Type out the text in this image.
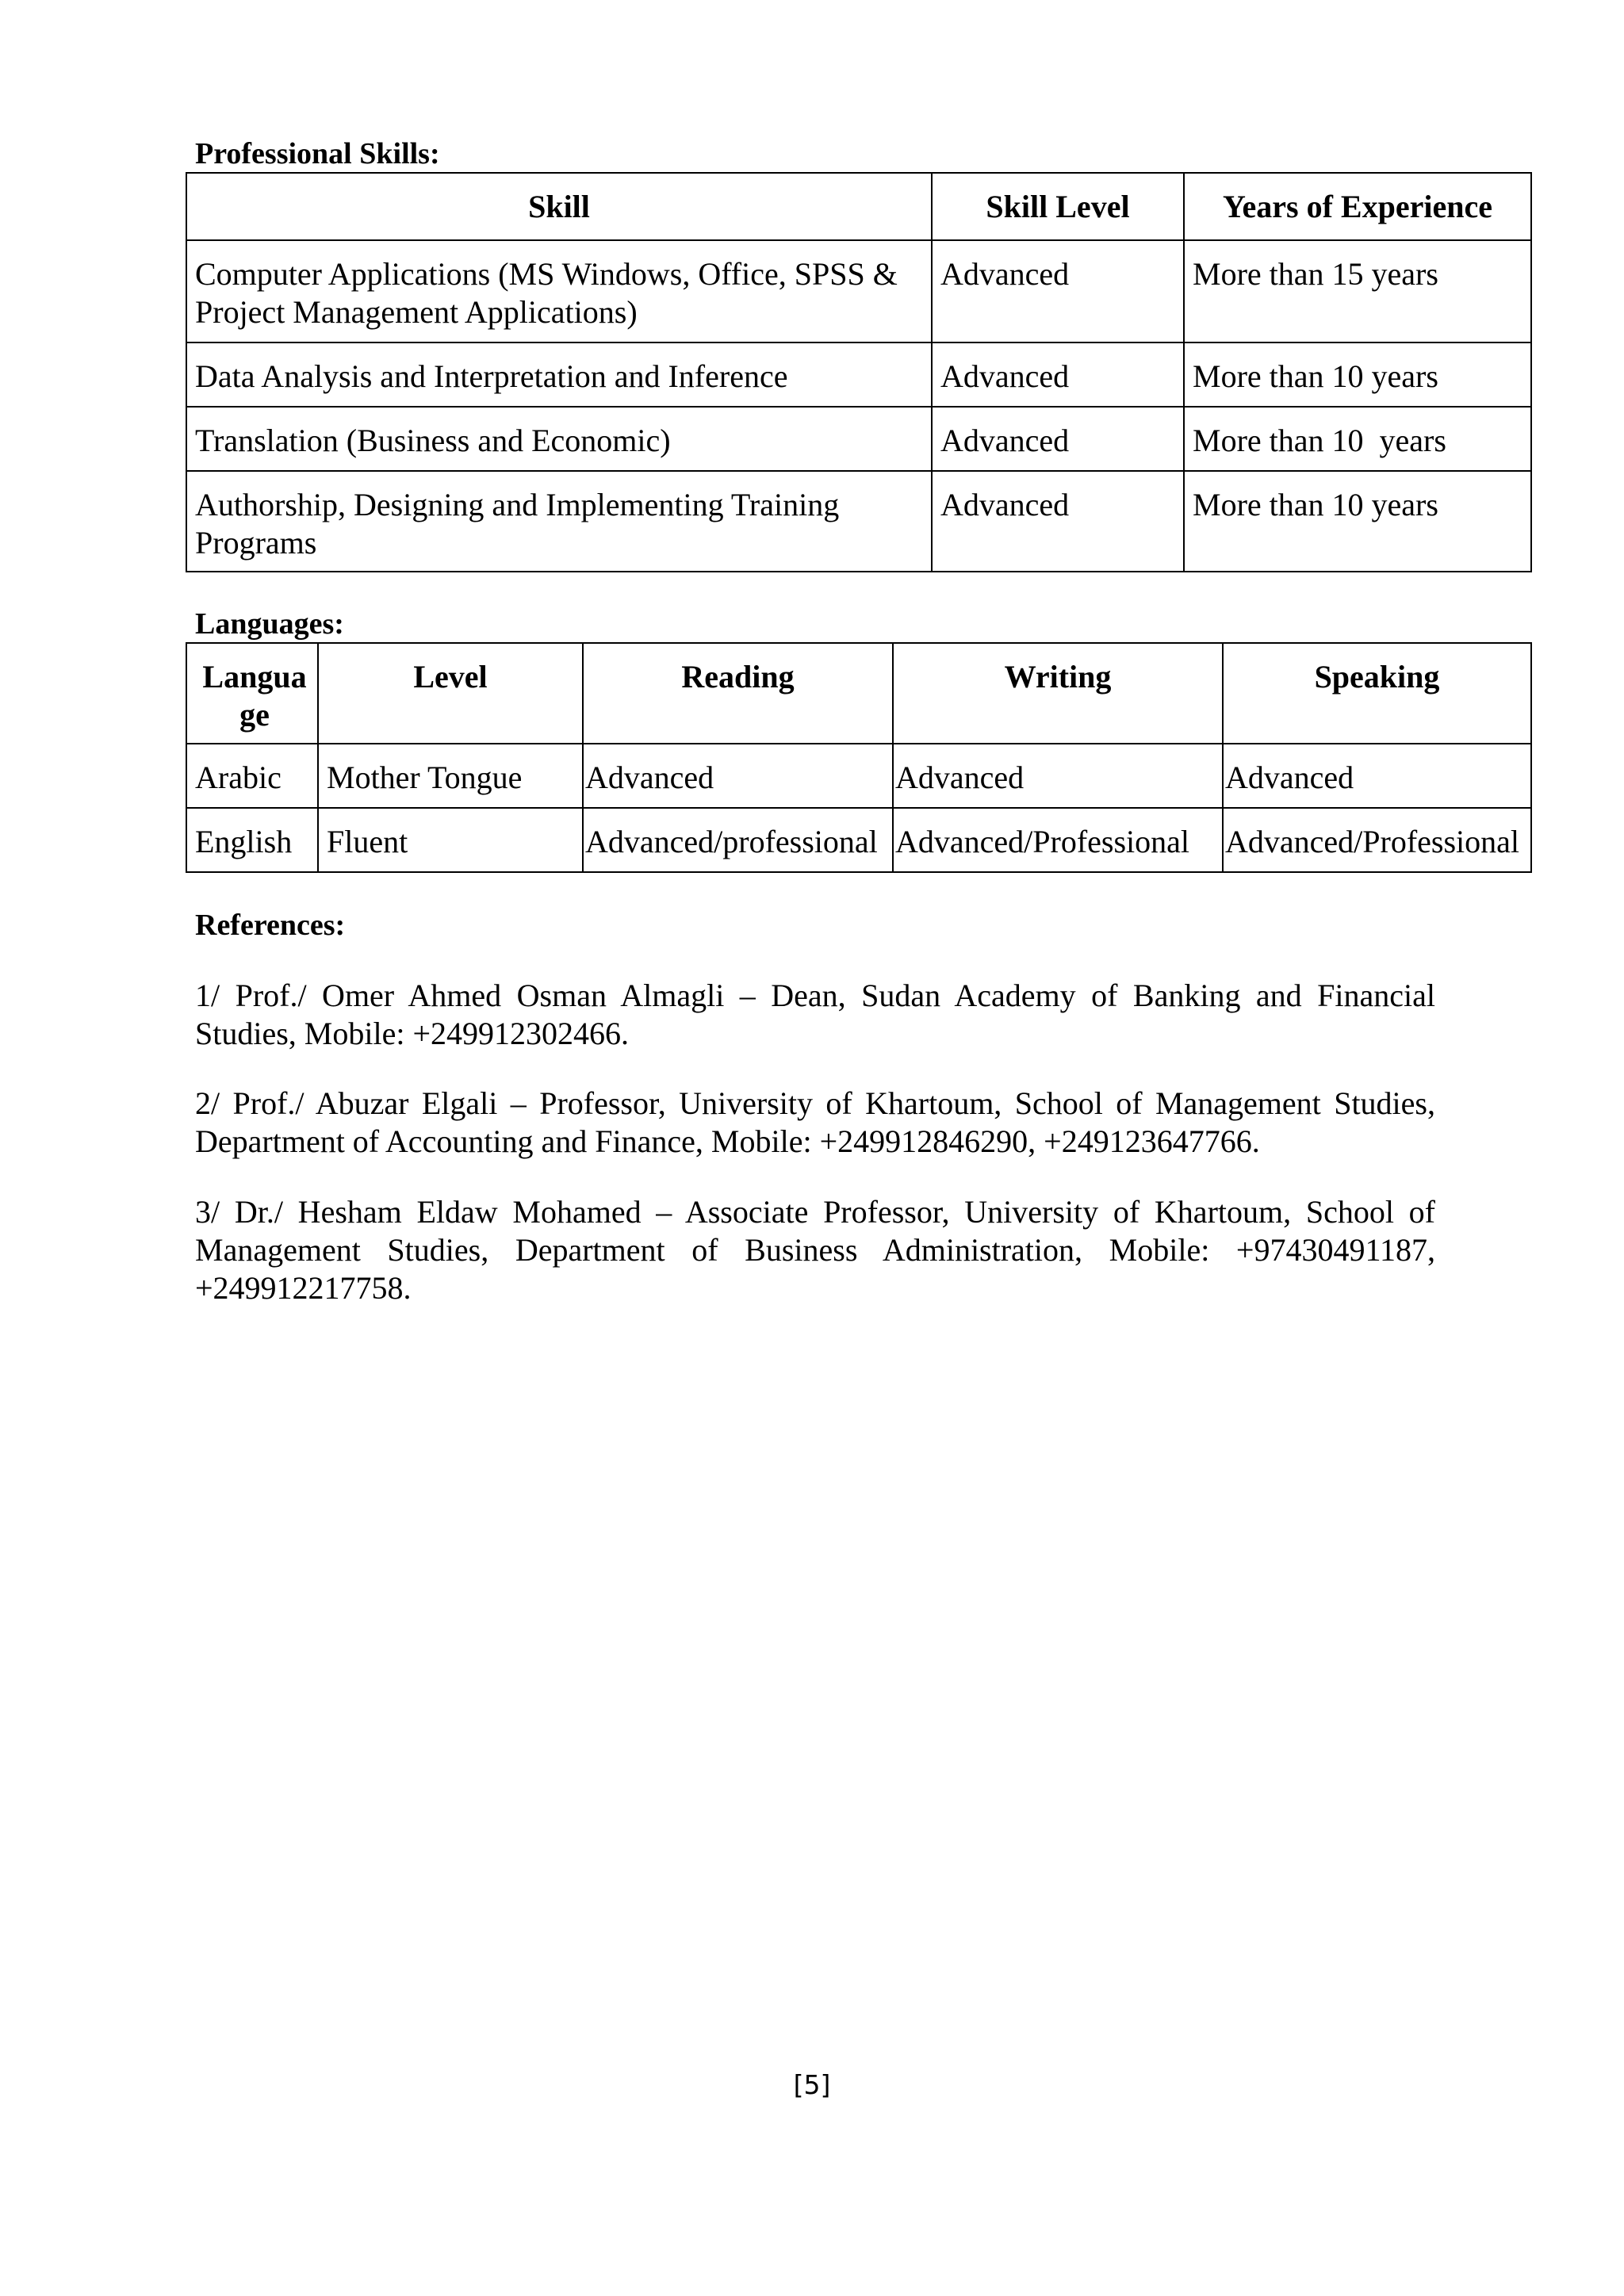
Professional Skills:

Skill	Skill Level	Years of Experience
Computer Applications (MS Windows, Office, SPSS & Project Management Applications)	Advanced	More than 15 years
Data Analysis and Interpretation and Inference	Advanced	More than 10 years
Translation (Business and Economic)	Advanced	More than 10  years
Authorship, Designing and Implementing Training Programs	Advanced	More than 10 years

Languages:

Language	Level	Reading	Writing	Speaking
Arabic	Mother Tongue	Advanced	Advanced	Advanced
English	Fluent	Advanced/professional	Advanced/Professional	Advanced/Professional

References:

1/ Prof./ Omer Ahmed Osman Almagli – Dean, Sudan Academy of Banking and Financial Studies, Mobile: +249912302466.

2/ Prof./ Abuzar Elgali – Professor, University of Khartoum, School of Management Studies, Department of Accounting and Finance, Mobile: +249912846290, +249123647766.

3/ Dr./ Hesham Eldaw Mohamed – Associate Professor, University of Khartoum, School of Management Studies, Department of Business Administration, Mobile: +97430491187, +249912217758.

[5]
